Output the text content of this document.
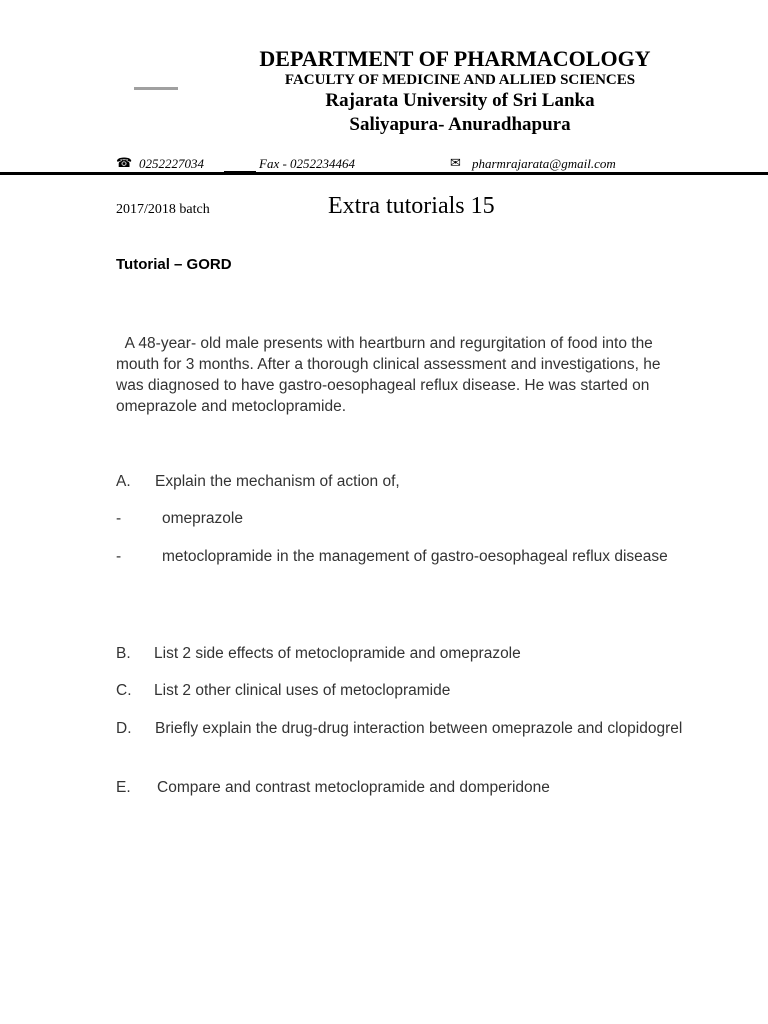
DEPARTMENT OF PHARMACOLOGY
FACULTY OF MEDICINE AND ALLIED SCIENCES
Rajarata University of Sri Lanka
Saliyapura- Anuradhapura
☎ 0252227034	Fax - 0252234464	✉ pharmrajarata@gmail.com
2017/2018 batch	Extra tutorials 15
Tutorial – GORD
A 48-year- old male presents with heartburn and regurgitation of food into the mouth for 3 months. After a thorough clinical assessment and investigations, he was diagnosed to have gastro-oesophageal reflux disease. He was started on omeprazole and metoclopramide.
A. Explain the mechanism of action of,
-	omeprazole
-	metoclopramide in the management of gastro-oesophageal reflux disease
B. List 2 side effects of metoclopramide and omeprazole
C. List 2 other clinical uses of metoclopramide
D. Briefly explain the drug-drug interaction between omeprazole and clopidogrel
E. Compare and contrast metoclopramide and domperidone
